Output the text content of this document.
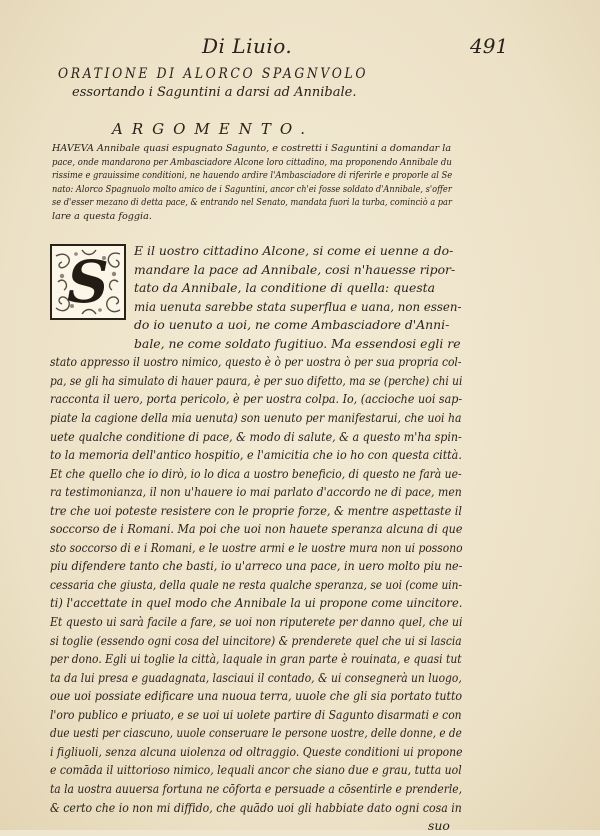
Di Liuio.	491
ORATIONE DI ALORCO SPAGNVOLO
essortando i Saguntini a darsi ad Annibale.
ARGOMENTO.
HAVEVA Annibale quasi espugnato Sagunto, e costretti i Saguntini a domandar la
pace, onde mandarono per Ambasciadore Alcone loro cittadino, ma proponendo Annibale du
rissime e grauissime conditioni, ne hauendo ardire l'Ambasciadore di riferirle e proporle al Se
nato: Alorco Spagnuolo molto amico de i Saguntini, ancor ch'ei fosse soldato d'Annibale, s'offer
se d'esser mezano di detta pace, & entrando nel Senato, mandata fuori la turba, cominciò a par
lare a questa foggia.
S	E il uostro cittadino Alcone, si come ei uenne a do-
mandare la pace ad Annibale, cosi n'hauesse ripor-
tato da Annibale, la conditione di quella: questa
mia uenuta sarebbe stata superflua e uana, non essen-
do io uenuto a uoi, ne come Ambasciadore d'Anni-
bale, ne come soldato fugitiuo. Ma essendosi egli re
stato appresso il uostro nimico, questo è ò per uostra ò per sua propria col-
pa, se gli ha simulato di hauer paura, è per suo difetto, ma se (perche) chi ui
racconta il uero, porta pericolo, è per uostra colpa. Io, (accioche uoi sap-
piate la cagione della mia uenuta) son uenuto per manifestarui, che uoi ha
uete qualche conditione di pace, & modo di salute, & a questo m'ha spin-
to la memoria dell'antico hospitio, e l'amicitia che io ho con questa città.
Et che quello che io dirò, io lo dica a uostro beneficio, di questo ne farà ue-
ra testimonianza, il non u'hauere io mai parlato d'accordo ne di pace, men
tre che uoi poteste resistere con le proprie forze, & mentre aspettaste il
soccorso de i Romani. Ma poi che uoi non hauete speranza alcuna di que
sto soccorso di e i Romani, e le uostre armi e le uostre mura non ui possono
piu difendere tanto che basti, io u'arreco una pace, in uero molto piu ne-
cessaria che giusta, della quale ne resta qualche speranza, se uoi (come uin-
ti) l'accettate in quel modo che Annibale la ui propone come uincitore.
Et questo ui sarà facile a fare, se uoi non riputerete per danno quel, che ui
si toglie (essendo ogni cosa del uincitore) & prenderete quel che ui si lascia
per dono. Egli ui toglie la città, laquale in gran parte è rouinata, e quasi tut
ta da lui presa e guadagnata, lasciaui il contado, & ui consegnerà un luogo,
oue uoi possiate edificare una nuoua terra, uuole che gli sia portato tutto
l'oro publico e priuato, e se uoi ui uolete partire di Sagunto disarmati e con
due uesti per ciascuno, uuole conseruare le persone uostre, delle donne, e de
i figliuoli, senza alcuna uiolenza od oltraggio. Queste conditioni ui propone
e comāda il uittorioso nimico, lequali ancor che siano due e grau, tutta uol
ta la uostra auuersa fortuna ne cōforta e persuade a cōsentirle e prenderle,
& certo che io non mi diffido, che quādo uoi gli habbiate dato ogni cosa in
suo
